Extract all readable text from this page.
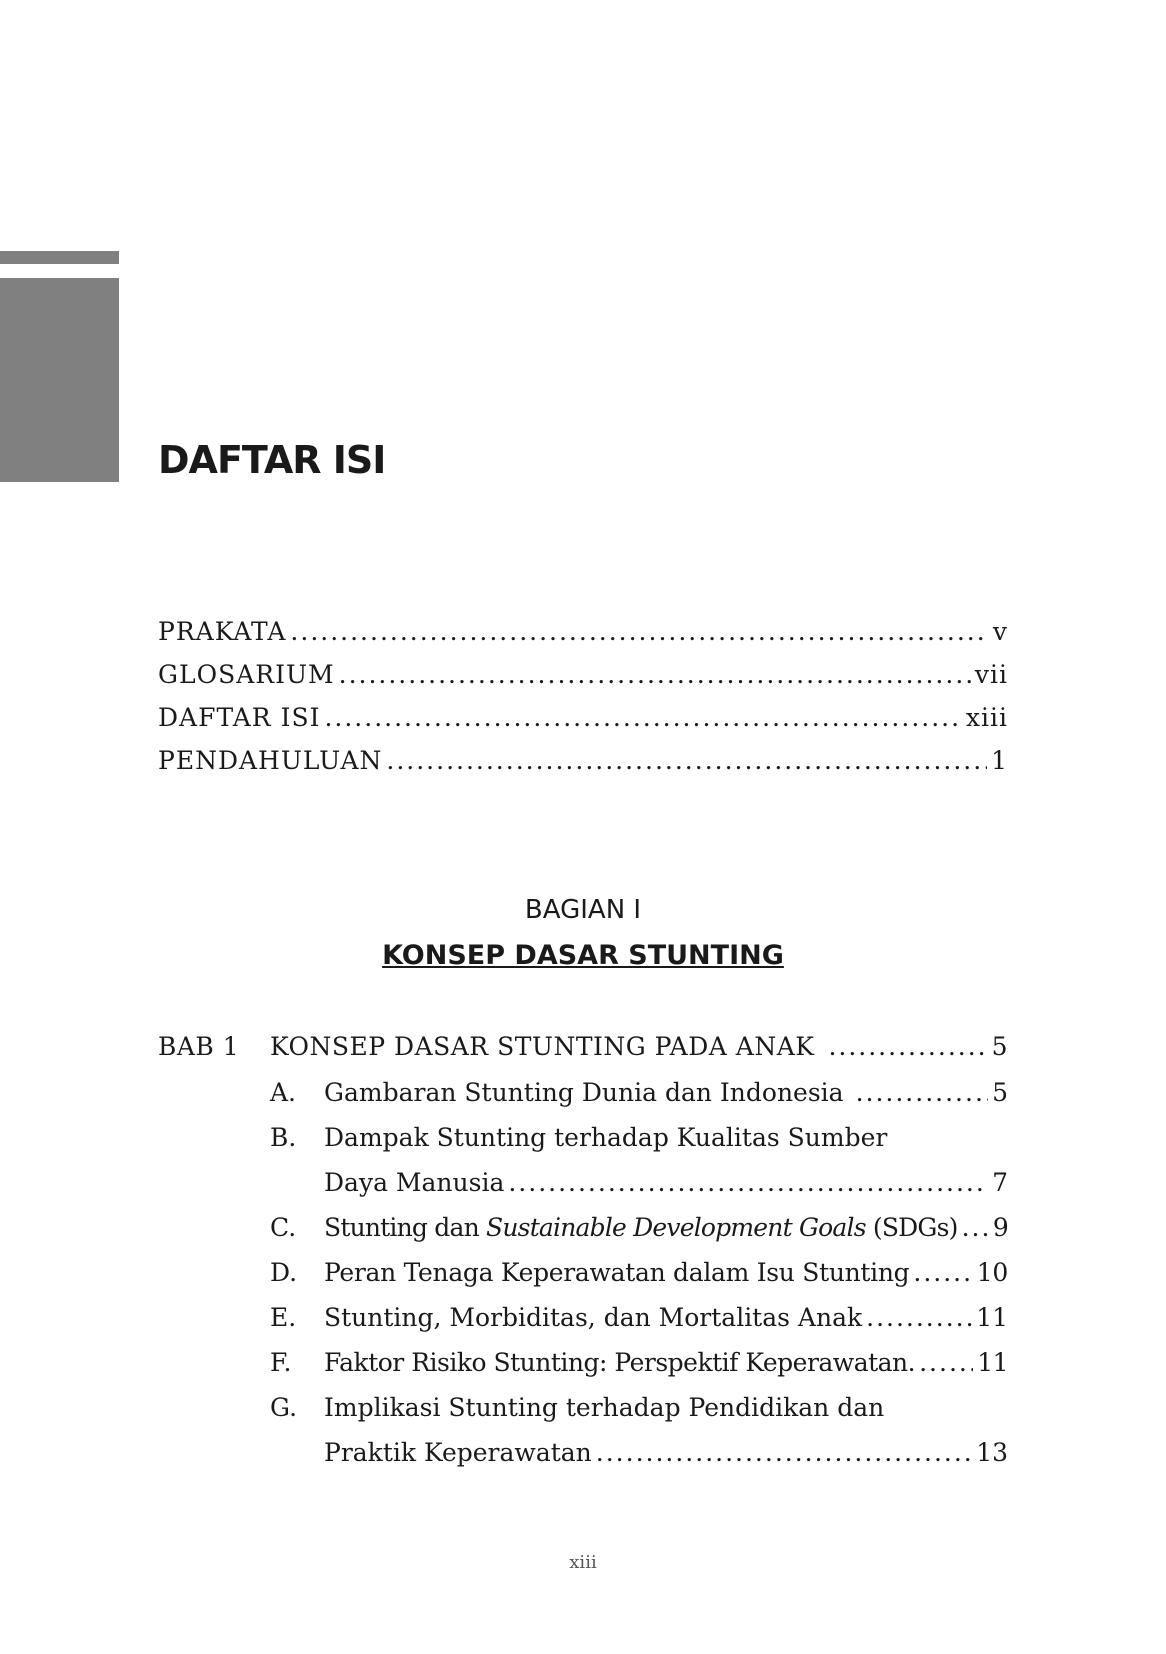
DAFTAR ISI
PRAKATA .....	v
GLOSARIUM .....	vii
DAFTAR ISI .....	xiii
PENDAHULUAN .....	1
BAGIAN I
KONSEP DASAR STUNTING
BAB 1	KONSEP DASAR STUNTING PADA ANAK .....	5
A. Gambaran Stunting Dunia dan Indonesia .....	5
B. Dampak Stunting terhadap Kualitas Sumber
Daya Manusia .....	7
C. Stunting dan Sustainable Development Goals (SDGs) ..... 9
D. Peran Tenaga Keperawatan dalam Isu Stunting .....	10
E. Stunting, Morbiditas, dan Mortalitas Anak .....	11
F. Faktor Risiko Stunting: Perspektif Keperawatan. ..... 11
G. Implikasi Stunting terhadap Pendidikan dan
Praktik Keperawatan .....	13
xiii
